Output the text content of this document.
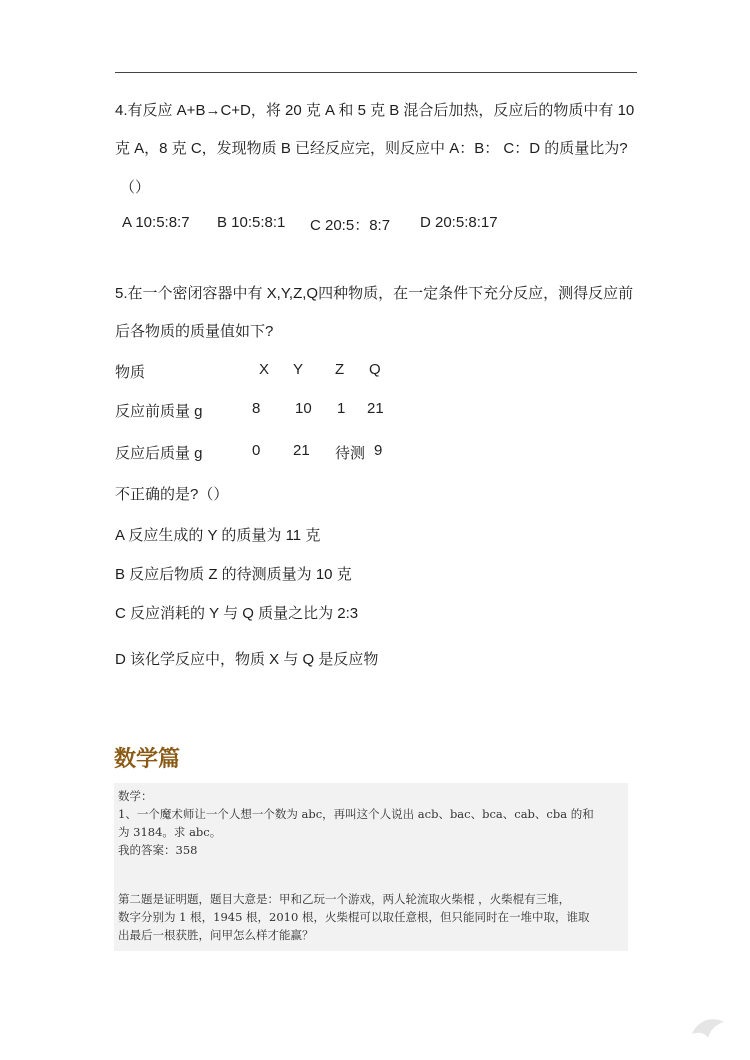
4.有反应 A+B→C+D，将 20 克 A 和 5 克 B 混合后加热，反应后的物质中有 10
克 A，8 克 C，发现物质 B 已经反应完，则反应中 A：B： C：D 的质量比为?
（）
A 10:5:8:7 B 10:5:8:1 C 20:5：8:7 D 20:5:8:17
5.在一个密闭容器中有 X,Y,Z,Q四种物质，在一定条件下充分反应，测得反应前
后各物质的质量值如下?
物质	X Y Z Q
反应前质量 g	8 10 1 21
反应后质量 g	0 21 待测 9
不正确的是?（）
A 反应生成的 Y 的质量为 11 克
B 反应后物质 Z 的待测质量为 10 克
C 反应消耗的 Y 与 Q 质量之比为 2:3
D 该化学反应中，物质 X 与 Q 是反应物
数学篇
数学：
1、一个魔术师让一个人想一个数为 abc，再叫这个人说出 acb、bac、bca、cab、cba 的和
为 3184。求 abc。
我的答案：358
第二题是证明题，题目大意是：甲和乙玩一个游戏，两人轮流取火柴棍 ，火柴棍有三堆，
数字分别为 1 根，1945 根，2010 根，火柴棍可以取任意根，但只能同时在一堆中取，谁取
出最后一根获胜，问甲怎么样才能赢？
